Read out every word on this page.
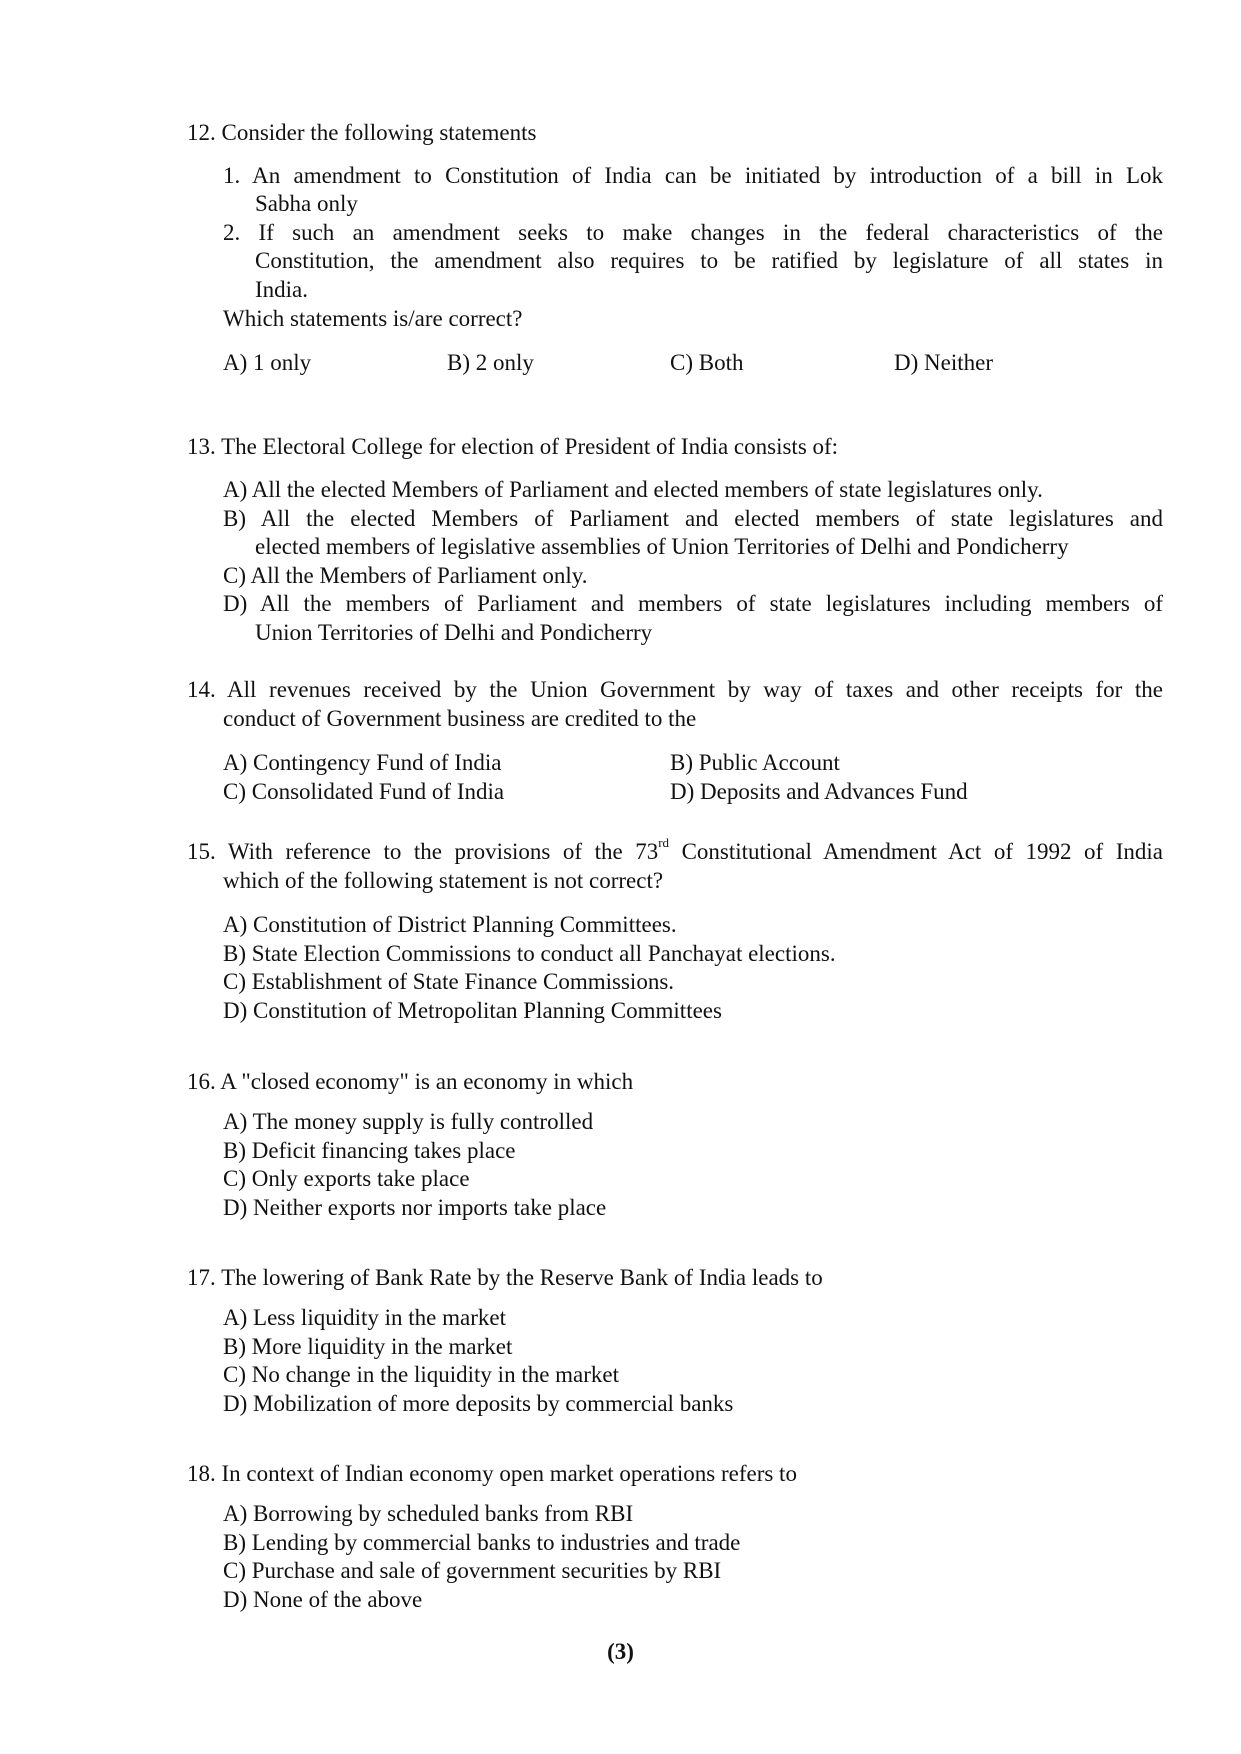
12. Consider the following statements
1. An amendment to Constitution of India can be initiated by introduction of a bill in Lok
Sabha only
2. If such an amendment seeks to make changes in the federal characteristics of the
Constitution, the amendment also requires to be ratified by legislature of all states in
India.
Which statements is/are correct?
A) 1 only	B) 2 only	C) Both	D) Neither
13. The Electoral College for election of President of India consists of:
A) All the elected Members of Parliament and elected members of state legislatures only.
B) All the elected Members of Parliament and elected members of state legislatures and
elected members of legislative assemblies of Union Territories of Delhi and Pondicherry
C) All the Members of Parliament only.
D) All the members of Parliament and members of state legislatures including members of
Union Territories of Delhi and Pondicherry
14. All revenues received by the Union Government by way of taxes and other receipts for the
conduct of Government business are credited to the
A) Contingency Fund of India	B) Public Account
C) Consolidated Fund of India	D) Deposits and Advances Fund
15. With reference to the provisions of the 73rd Constitutional Amendment Act of 1992 of India
which of the following statement is not correct?
A) Constitution of District Planning Committees.
B) State Election Commissions to conduct all Panchayat elections.
C) Establishment of State Finance Commissions.
D) Constitution of Metropolitan Planning Committees
16. A "closed economy" is an economy in which
A) The money supply is fully controlled
B) Deficit financing takes place
C) Only exports take place
D) Neither exports nor imports take place
17. The lowering of Bank Rate by the Reserve Bank of India leads to
A) Less liquidity in the market
B) More liquidity in the market
C) No change in the liquidity in the market
D) Mobilization of more deposits by commercial banks
18. In context of Indian economy open market operations refers to
A) Borrowing by scheduled banks from RBI
B) Lending by commercial banks to industries and trade
C) Purchase and sale of government securities by RBI
D) None of the above
(3)
